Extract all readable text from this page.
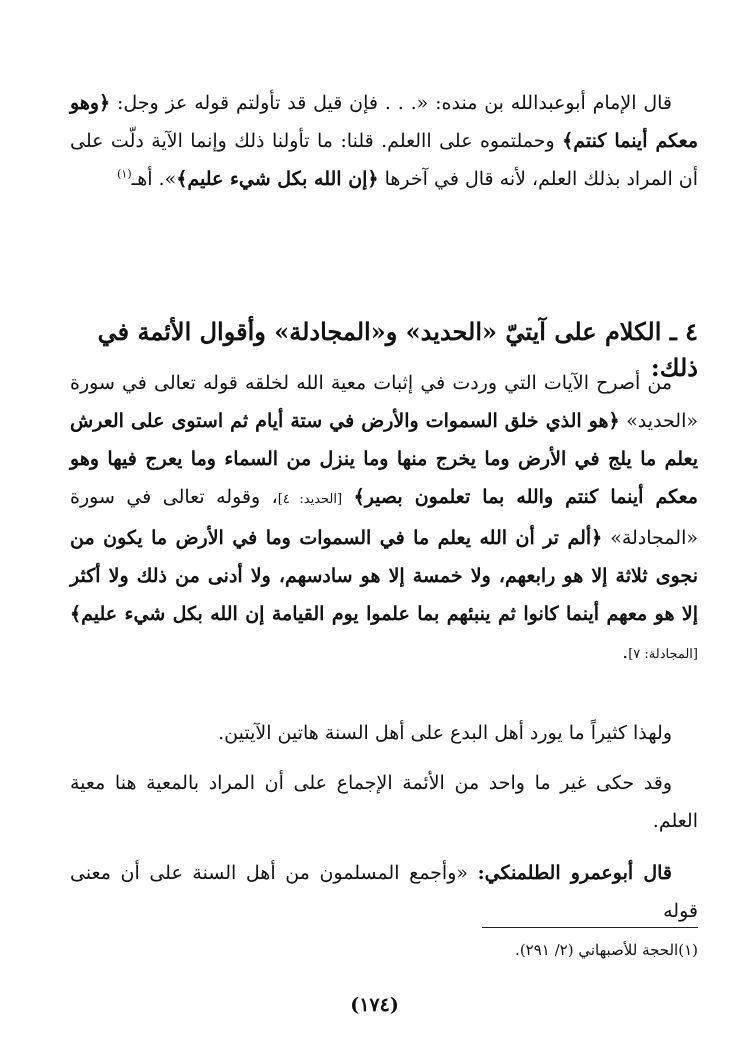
قال الإمام أبوعبدالله بن منده: «. . . فإن قيل قد تأولتم قوله عز وجل: ﴿وهو معكم أينما كنتم﴾ وحملتموه على االعلم. قلنا: ما تأولنا ذلك وإنما الآية دلّت على أن المراد بذلك العلم، لأنه قال في آخرها ﴿إن الله بكل شيء عليم﴾». أهـ$^{(١)}$

٤ ـ الكلام على آيتيّ «الحديد» و«المجادلة» وأقوال الأئمة في ذلك:

من أصرح الآيات التي وردت في إثبات معية الله لخلقه قوله تعالى في سورة «الحديد» ﴿هو الذي خلق السموات والأرض في ستة أيام ثم استوى على العرش يعلم ما يلج في الأرض وما يخرج منها وما ينزل من السماء وما يعرج فيها وهو معكم أينما كنتم والله بما تعلمون بصير﴾ [الحديد: ٤]، وقوله تعالى في سورة «المجادلة» ﴿ألم تر أن الله يعلم ما في السموات وما في الأرض ما يكون من نجوى ثلاثة إلا هو رابعهم، ولا خمسة إلا هو سادسهم، ولا أدنى من ذلك ولا أكثر إلا هو معهم أينما كانوا ثم ينبئهم بما علموا يوم القيامة إن الله بكل شيء عليم﴾ [المجادلة: ٧].

ولهذا كثيراً ما يورد أهل البدع على أهل السنة هاتين الآيتين.

وقد حكى غير ما واحد من الأئمة الإجماع على أن المراد بالمعية هنا معية العلم.

قال أبوعمرو الطلمنكي: «وأجمع المسلمون من أهل السنة على أن معنى قوله

(١)الحجة للأصبهاني (٢/ ٢٩١).
(١٧٤)
